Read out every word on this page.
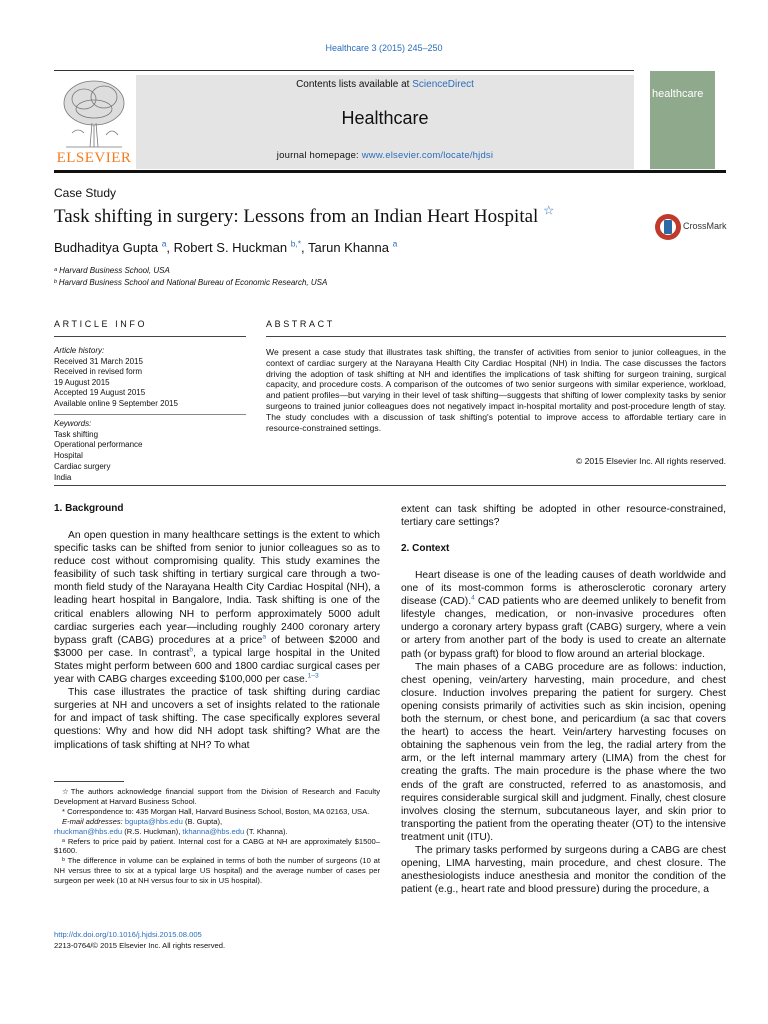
Healthcare 3 (2015) 245–250
ELSEVIER
Contents lists available at ScienceDirect
Healthcare
journal homepage: www.elsevier.com/locate/hjdsi
healthcare
Case Study
Task shifting in surgery: Lessons from an Indian Heart Hospital ☆
CrossMark
Budhaditya Gupta $^a$, Robert S. Huckman $^{b,*}$, Tarun Khanna $^a$
ᵃ Harvard Business School, USA
ᵇ Harvard Business School and National Bureau of Economic Research, USA
ARTICLE INFO	ABSTRACT
Article history:
Received 31 March 2015
Received in revised form
19 August 2015
Accepted 19 August 2015
Available online 9 September 2015
Keywords:
Task shifting
Operational performance
Hospital
Cardiac surgery
India
We present a case study that illustrates task shifting, the transfer of activities from senior to junior colleagues, in the context of cardiac surgery at the Narayana Health City Cardiac Hospital (NH) in India. The case discusses the factors driving the adoption of task shifting at NH and identifies the implications of task shifting for surgeon training, surgical capacity, and procedure costs. A comparison of the outcomes of two senior surgeons with similar experience, workload, and patient profiles—but varying in their level of task shifting—suggests that shifting of lower complexity tasks by senior surgeons to trained junior colleagues does not negatively impact in-hospital mortality and post-procedure length of stay. The study concludes with a discussion of task shifting's potential to improve access to affordable tertiary care in resource-constrained settings.
© 2015 Elsevier Inc. All rights reserved.
1. Background

An open question in many healthcare settings is the extent to which specific tasks can be shifted from senior to junior colleagues so as to reduce cost without compromising quality. This study examines the feasibility of such task shifting in tertiary surgical care through a two-month field study of the Narayana Health City Cardiac Hospital (NH), a leading heart hospital in Bangalore, India. Task shifting is one of the critical enablers allowing NH to perform approximately 5000 adult cardiac surgeries each year—including roughly 2400 coronary artery bypass graft (CABG) procedures at a price$^a$ of between $2000 and $3000 per case. In contrast$^b$, a typical large hospital in the United States might perform between 600 and 1800 cardiac surgical cases per year with CABG charges exceeding $100,000 per case.$^{1-3}$

This case illustrates the practice of task shifting during cardiac surgeries at NH and uncovers a set of insights related to the rationale for and impact of task shifting. The case specifically explores several questions: Why and how did NH adopt task shifting? What are the implications of task shifting at NH? To what

☆The authors acknowledge financial support from the Division of Research and Faculty Development at Harvard Business School.

* Correspondence to: 435 Morgan Hall, Harvard Business School, Boston, MA 02163, USA.

E-mail addresses: bgupta@hbs.edu (B. Gupta),

rhuckman@hbs.edu (R.S. Huckman), tkhanna@hbs.edu (T. Khanna).

ᵃ Refers to price paid by patient. Internal cost for a CABG at NH are approximately $1500–$1600.

ᵇ The difference in volume can be explained in terms of both the number of surgeons (10 at NH versus three to six at a typical large US hospital) and the average number of cases per surgeon per week (10 at NH versus four to six in US hospital).

http://dx.doi.org/10.1016/j.hjdsi.2015.08.005
2213-0764/© 2015 Elsevier Inc. All rights reserved.

extent can task shifting be adopted in other resource-constrained, tertiary care settings?

2. Context

Heart disease is one of the leading causes of death worldwide and one of its most-common forms is atherosclerotic coronary artery disease (CAD).$^4$ CAD patients who are deemed unlikely to benefit from lifestyle changes, medication, or non-invasive procedures often undergo a coronary artery bypass graft (CABG) surgery, where a vein or artery from another part of the body is used to create an alternate path (or bypass graft) for blood to flow around an arterial blockage.

The main phases of a CABG procedure are as follows: induction, chest opening, vein/artery harvesting, main procedure, and chest closure. Induction involves preparing the patient for surgery. Chest opening consists primarily of activities such as skin incision, opening both the sternum, or chest bone, and pericardium (a sac that covers the heart) to access the heart. Vein/artery harvesting focuses on obtaining the saphenous vein from the leg, the radial artery from the arm, or the left internal mammary artery (LIMA) from the chest for creating the grafts. The main procedure is the phase where the two ends of the graft are constructed, referred to as anastomosis, and requires considerable surgical skill and judgment. Finally, chest closure involves closing the sternum, subcutaneous layer, and skin prior to transporting the patient from the operating theater (OT) to the intensive treatment unit (ITU).

The primary tasks performed by surgeons during a CABG are chest opening, LIMA harvesting, main procedure, and chest closure. The anesthesiologists induce anesthesia and monitor the condition of the patient (e.g., heart rate and blood pressure) during the procedure, a
